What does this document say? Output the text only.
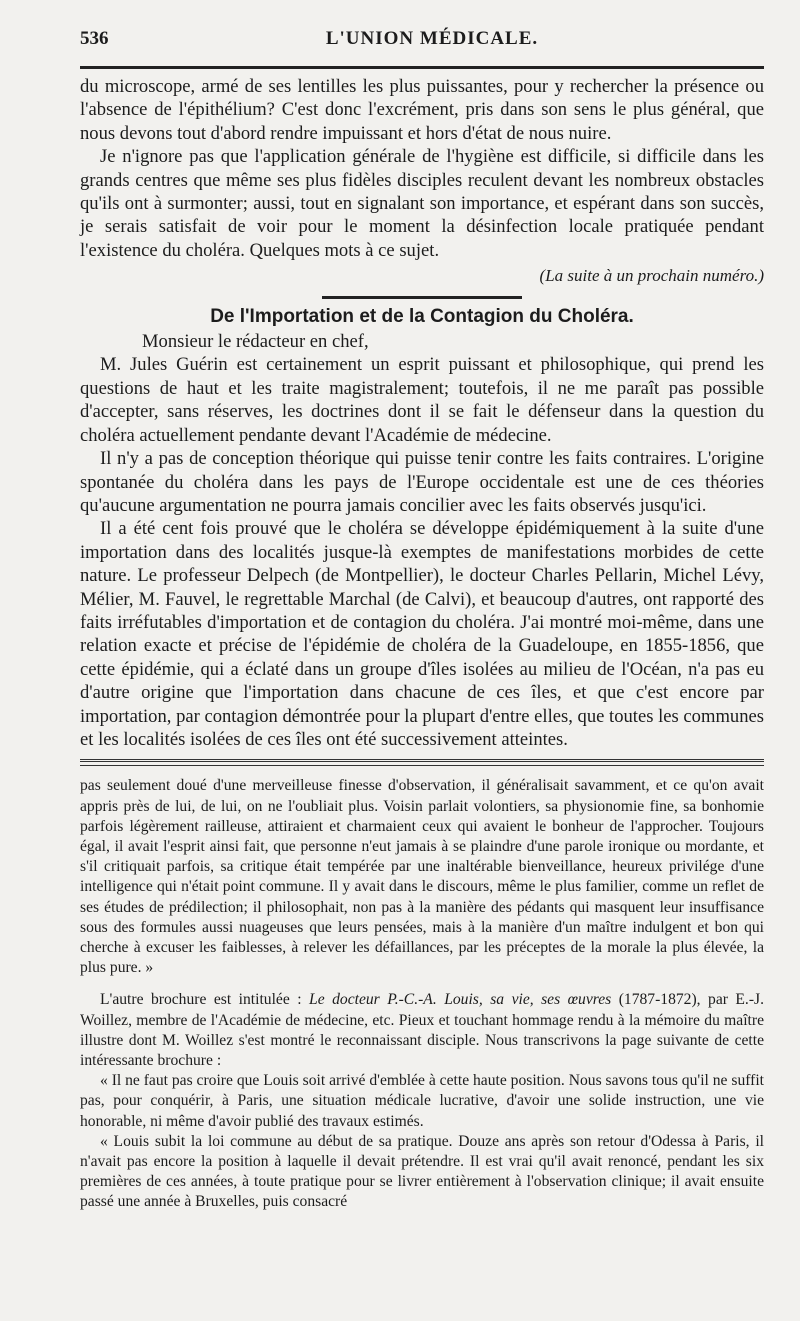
536	L'UNION MÉDICALE.

du microscope, armé de ses lentilles les plus puissantes, pour y rechercher la présence ou l'absence de l'épithélium? C'est donc l'excrément, pris dans son sens le plus général, que nous devons tout d'abord rendre impuissant et hors d'état de nous nuire.

Je n'ignore pas que l'application générale de l'hygiène est difficile, si difficile dans les grands centres que même ses plus fidèles disciples reculent devant les nombreux obstacles qu'ils ont à surmonter; aussi, tout en signalant son importance, et espérant dans son succès, je serais satisfait de voir pour le moment la désinfection locale pratiquée pendant l'existence du choléra. Quelques mots à ce sujet.

(La suite à un prochain numéro.)
De l'Importation et de la Contagion du Choléra.

Monsieur le rédacteur en chef,

M. Jules Guérin est certainement un esprit puissant et philosophique, qui prend les questions de haut et les traite magistralement; toutefois, il ne me paraît pas possible d'accepter, sans réserves, les doctrines dont il se fait le défenseur dans la question du choléra actuellement pendante devant l'Académie de médecine.

Il n'y a pas de conception théorique qui puisse tenir contre les faits contraires. L'origine spontanée du choléra dans les pays de l'Europe occidentale est une de ces théories qu'aucune argumentation ne pourra jamais concilier avec les faits observés jusqu'ici.

Il a été cent fois prouvé que le choléra se développe épidémiquement à la suite d'une importation dans des localités jusque-là exemptes de manifestations morbides de cette nature. Le professeur Delpech (de Montpellier), le docteur Charles Pellarin, Michel Lévy, Mélier, M. Fauvel, le regrettable Marchal (de Calvi), et beaucoup d'autres, ont rapporté des faits irréfutables d'importation et de contagion du choléra. J'ai montré moi-même, dans une relation exacte et précise de l'épidémie de choléra de la Guadeloupe, en 1855-1856, que cette épidémie, qui a éclaté dans un groupe d'îles isolées au milieu de l'Océan, n'a pas eu d'autre origine que l'importation dans chacune de ces îles, et que c'est encore par importation, par contagion démontrée pour la plupart d'entre elles, que toutes les communes et les localités isolées de ces îles ont été successivement atteintes.

pas seulement doué d'une merveilleuse finesse d'observation, il généralisait savamment, et ce qu'on avait appris près de lui, de lui, on ne l'oubliait plus. Voisin parlait volontiers, sa physionomie fine, sa bonhomie parfois légèrement railleuse, attiraient et charmaient ceux qui avaient le bonheur de l'approcher. Toujours égal, il avait l'esprit ainsi fait, que personne n'eut jamais à se plaindre d'une parole ironique ou mordante, et s'il critiquait parfois, sa critique était tempérée par une inaltérable bienveillance, heureux privilége d'une intelligence qui n'était point commune. Il y avait dans le discours, même le plus familier, comme un reflet de ses études de prédilection; il philosophait, non pas à la manière des pédants qui masquent leur insuffisance sous des formules aussi nuageuses que leurs pensées, mais à la manière d'un maître indulgent et bon qui cherche à excuser les faiblesses, à relever les défaillances, par les préceptes de la morale la plus élevée, la plus pure. »

L'autre brochure est intitulée : Le docteur P.-C.-A. Louis, sa vie, ses œuvres (1787-1872), par E.-J. Woillez, membre de l'Académie de médecine, etc. Pieux et touchant hommage rendu à la mémoire du maître illustre dont M. Woillez s'est montré le reconnaissant disciple. Nous transcrivons la page suivante de cette intéressante brochure :

« Il ne faut pas croire que Louis soit arrivé d'emblée à cette haute position. Nous savons tous qu'il ne suffit pas, pour conquérir, à Paris, une situation médicale lucrative, d'avoir une solide instruction, une vie honorable, ni même d'avoir publié des travaux estimés.

« Louis subit la loi commune au début de sa pratique. Douze ans après son retour d'Odessa à Paris, il n'avait pas encore la position à laquelle il devait prétendre. Il est vrai qu'il avait renoncé, pendant les six premières de ces années, à toute pratique pour se livrer entièrement à l'observation clinique; il avait ensuite passé une année à Bruxelles, puis consacré
